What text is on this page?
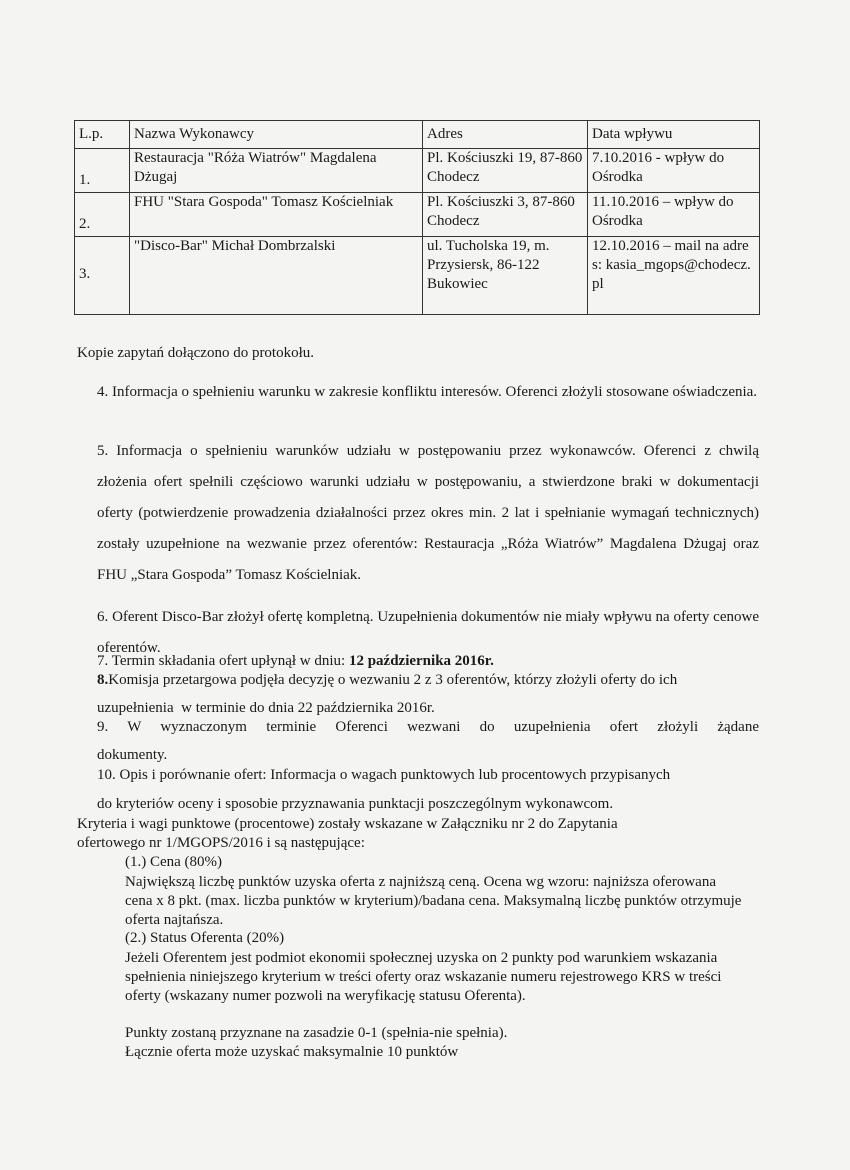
L.p.	Nazwa Wykonawcy	Adres	Data wpływu
1.	Restauracja "Róża Wiatrów" Magdalena Dżugaj	Pl. Kościuszki 19, 87-860 Chodecz	7.10.2016 - wpływ do Ośrodka
2.	FHU "Stara Gospoda" Tomasz Kościelniak	Pl. Kościuszki 3, 87-860 Chodecz	11.10.2016 – wpływ do Ośrodka
3.	"Disco-Bar" Michał Dombrzalski	ul. Tucholska 19, m. Przysiersk, 86-122 Bukowiec	12.10.2016 – mail na adres: kasia_mgops@chodecz.pl
Kopie zapytań dołączono do protokołu.
4. Informacja o spełnieniu warunku w zakresie konfliktu interesów. Oferenci złożyli stosowane oświadczenia.
5. Informacja o spełnieniu warunków udziału w postępowaniu przez wykonawców. Oferenci z chwilą złożenia ofert spełnili częściowo warunki udziału w postępowaniu, a stwierdzone braki w dokumentacji oferty (potwierdzenie prowadzenia działalności przez okres min. 2 lat i spełnianie wymagań technicznych) zostały uzupełnione na wezwanie przez oferentów: Restauracja „Róża Wiatrów” Magdalena Dżugaj oraz FHU „Stara Gospoda” Tomasz Kościelniak.
6. Oferent Disco-Bar złożył ofertę kompletną. Uzupełnienia dokumentów nie miały wpływu na oferty cenowe oferentów.
7. Termin składania ofert upłynął w dniu: 12 października 2016r.
8.Komisja przetargowa podjęła decyzję o wezwaniu 2 z 3 oferentów, którzy złożyli oferty do ich
uzupełnienia  w terminie do dnia 22 października 2016r.
9.  W  wyznaczonym  terminie  Oferenci  wezwani  do  uzupełnienia  ofert  złożyli  żądane
dokumenty.
10. Opis i porównanie ofert: Informacja o wagach punktowych lub procentowych przypisanych
do kryteriów oceny i sposobie przyznawania punktacji poszczególnym wykonawcom.
Kryteria i wagi punktowe (procentowe) zostały wskazane w Załączniku nr 2 do Zapytania ofertowego nr 1/MGOPS/2016 i są następujące:
(1.) Cena (80%)
Największą liczbę punktów uzyska oferta z najniższą ceną. Ocena wg wzoru: najniższa oferowana cena x 8 pkt. (max. liczba punktów w kryterium)/badana cena. Maksymalną liczbę punktów otrzymuje oferta najtańsza.
(2.) Status Oferenta (20%)
Jeżeli Oferentem jest podmiot ekonomii społecznej uzyska on 2 punkty pod warunkiem wskazania spełnienia niniejszego kryterium w treści oferty oraz wskazanie numeru rejestrowego KRS w treści oferty (wskazany numer pozwoli na weryfikację statusu Oferenta).
Punkty zostaną przyznane na zasadzie 0-1 (spełnia-nie spełnia).
Łącznie oferta może uzyskać maksymalnie 10 punktów
